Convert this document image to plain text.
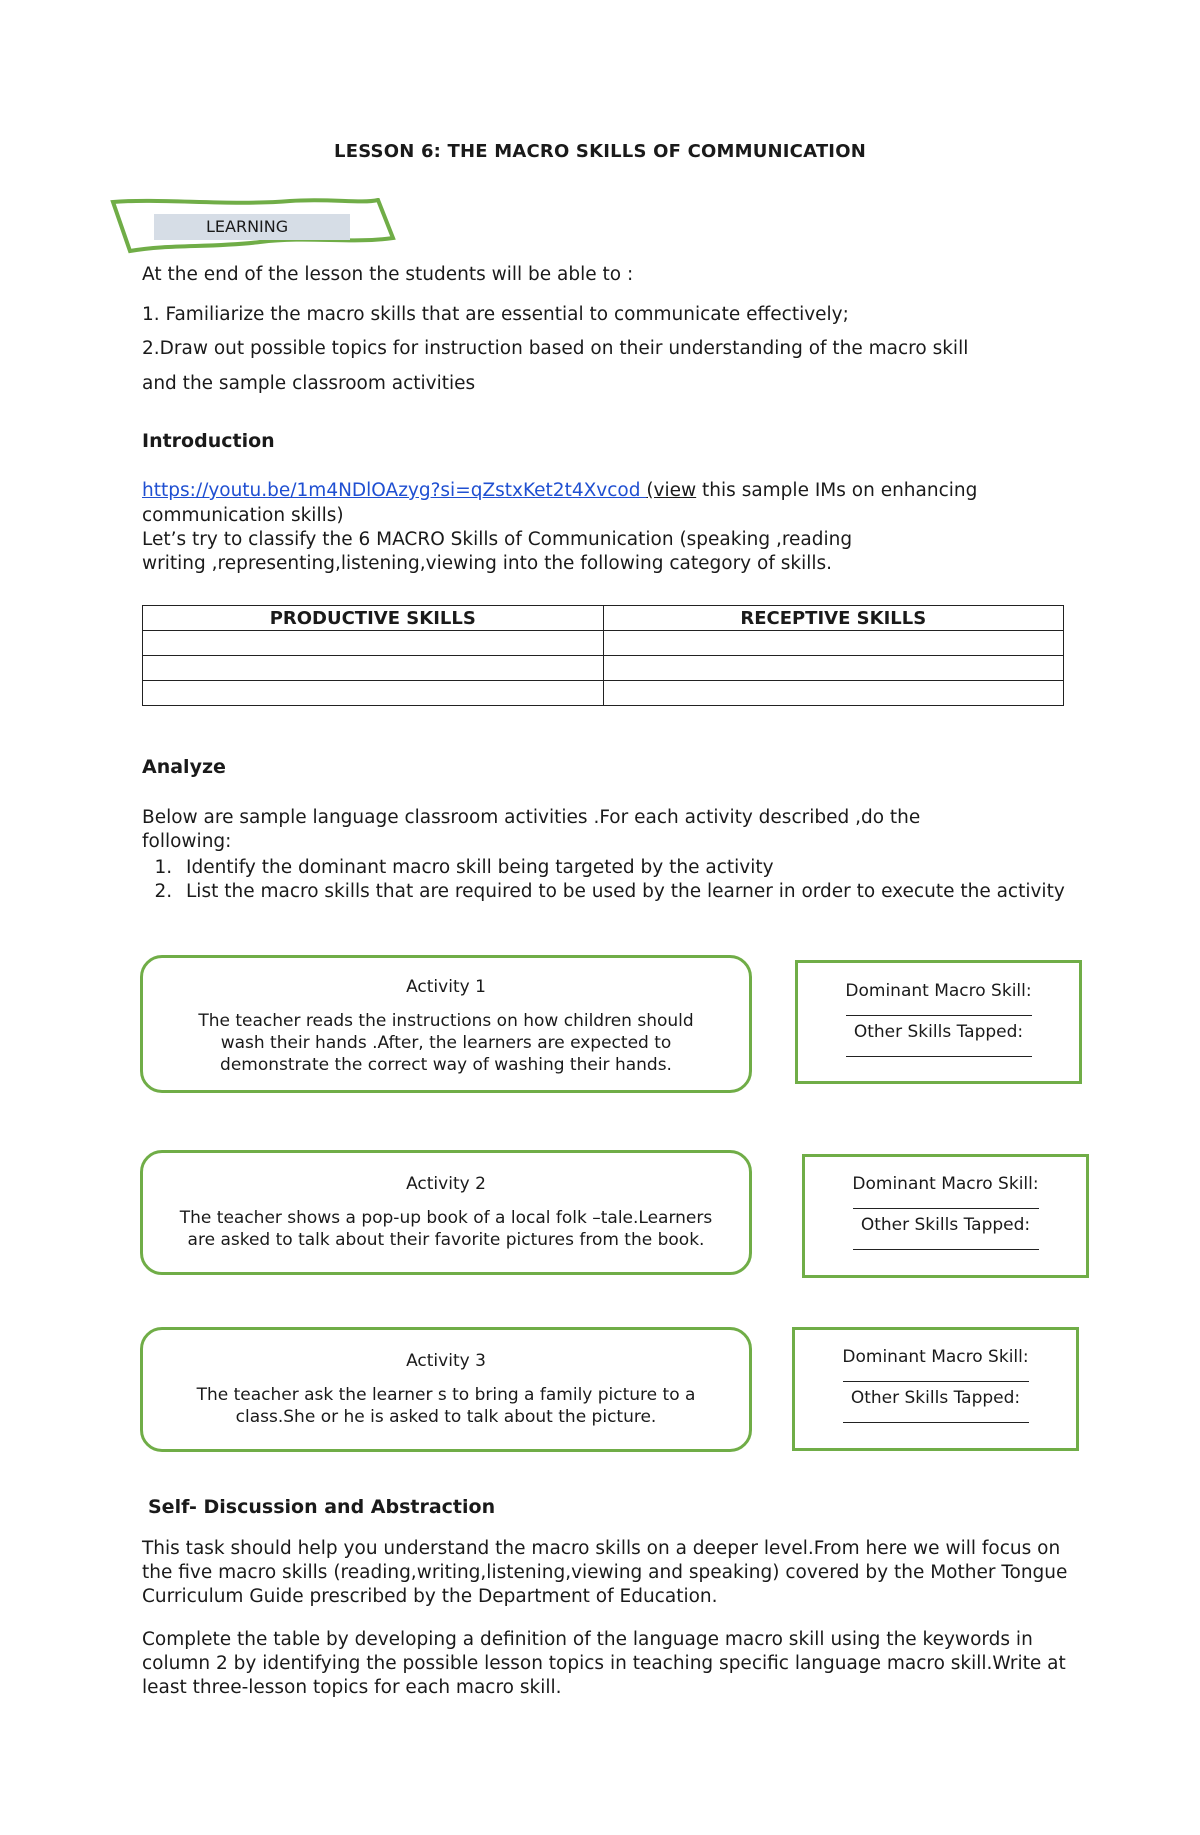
LESSON 6: THE MACRO SKILLS OF COMMUNICATION
LEARNING
At the end of the lesson the students will be able to :
1. Familiarize the macro skills that are essential to communicate effectively;
2.Draw out possible topics for instruction based on their understanding of the macro skill
and the sample classroom activities
Introduction
https://youtu.be/1m4NDlOAzyg?si=qZstxKet2t4Xvcod (view this sample IMs on enhancing
communication skills)
Let’s try to classify the 6 MACRO Skills of Communication (speaking ,reading
writing ,representing,listening,viewing into the following category of skills.
PRODUCTIVE SKILLS	RECEPTIVE SKILLS

Analyze
Below are sample language classroom activities .For each activity described ,do the
following:
1. Identify the dominant macro skill being targeted by the activity
2. List the macro skills that are required to be used by the learner in order to execute the activity
Activity 1
The teacher reads the instructions on how children should wash their hands .After, the learners are expected to demonstrate the correct way of washing their hands.
Dominant Macro Skill:
Other Skills Tapped:
Activity 2
The teacher shows a pop-up book of a local folk –tale.Learners are asked to talk about their favorite pictures from the book.
Dominant Macro Skill:
Other Skills Tapped:
Activity 3
The teacher ask the learner s to bring a family picture to a class.She or he is asked to talk about the picture.
Dominant Macro Skill:
Other Skills Tapped:
Self- Discussion and Abstraction
This task should help you understand the macro skills on a deeper level.From here we will focus on the five macro skills (reading,writing,listening,viewing and speaking) covered by the Mother Tongue Curriculum Guide prescribed by the Department of Education.
Complete the table by developing a definition of the language macro skill using the keywords in column 2 by identifying the possible lesson topics in teaching specific language macro skill.Write at least three-lesson topics for each macro skill.
